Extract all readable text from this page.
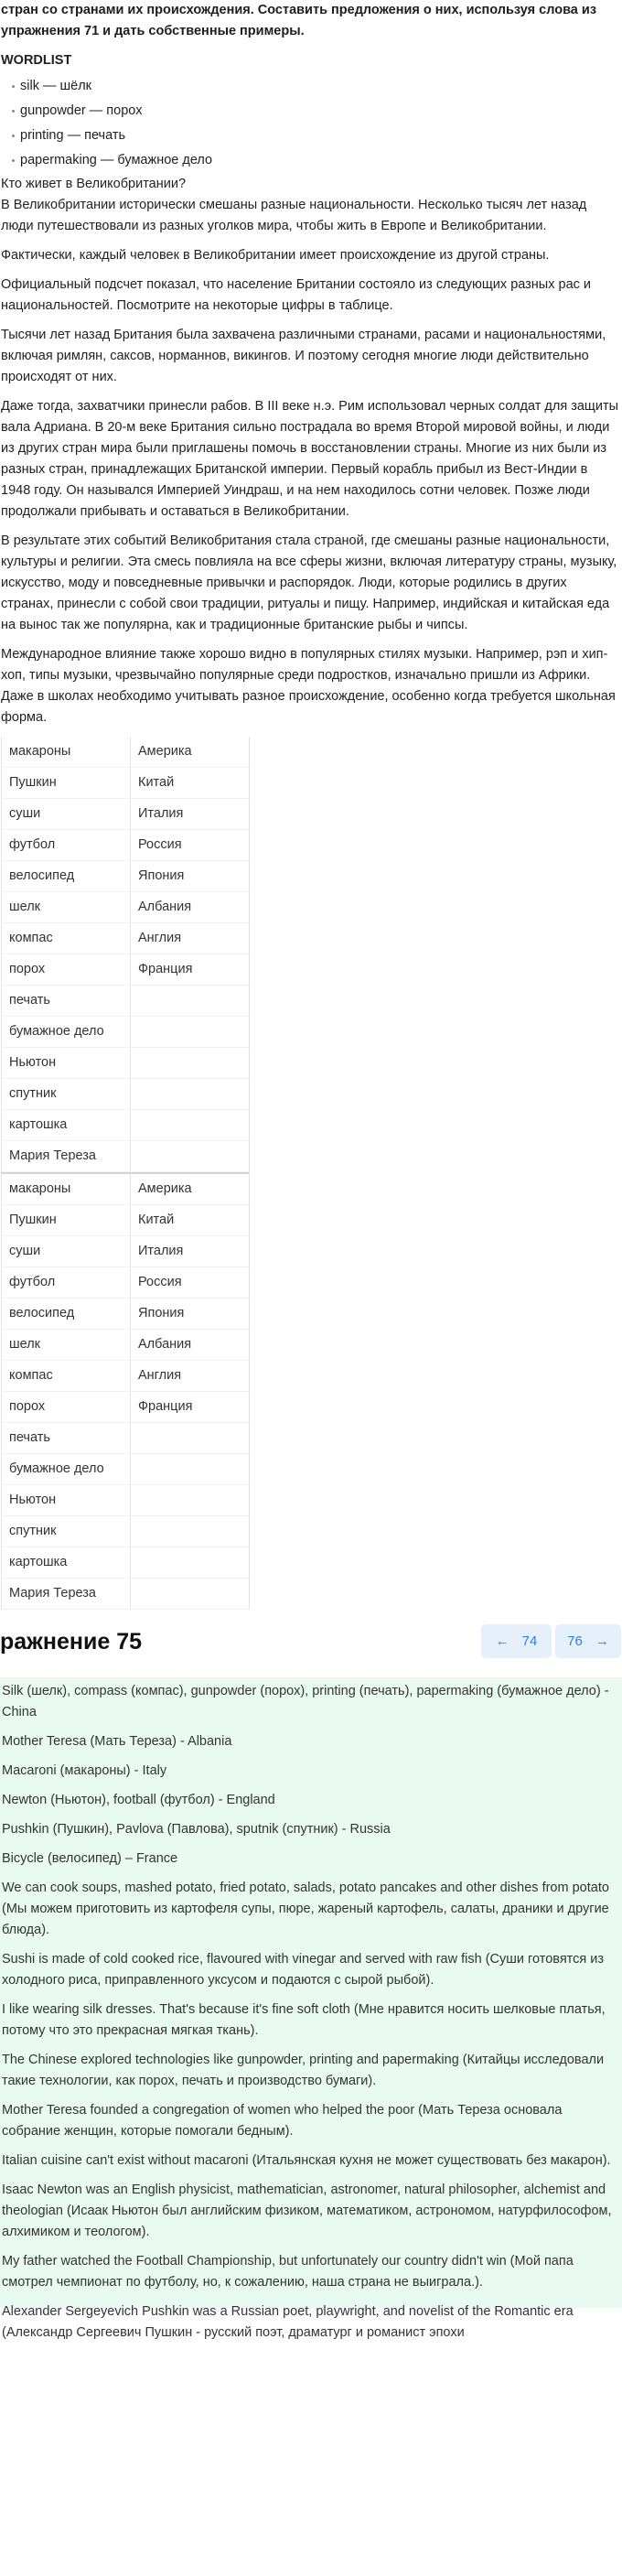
стран со странами их происхождения. Составить предложения о них, используя слова из упражнения 71 и дать собственные примеры.

WORDLIST
silk — шёлк
gunpowder — порох
printing — печать
papermaking — бумажное дело

Кто живет в Великобритании?
В Великобритании исторически смешаны разные национальности. Несколько тысяч лет назад люди путешествовали из разных уголков мира, чтобы жить в Европе и Великобритании.

Фактически, каждый человек в Великобритании имеет происхождение из другой страны.

Официальный подсчет показал, что население Британии состояло из следующих разных рас и национальностей. Посмотрите на некоторые цифры в таблице.

Тысячи лет назад Британия была захвачена различными странами, расами и национальностями, включая римлян, саксов, норманнов, викингов. И поэтому сегодня многие люди действительно происходят от них.

Даже тогда, захватчики принесли рабов. В III веке н.э. Рим использовал черных солдат для защиты вала Адриана. В 20-м веке Британия сильно пострадала во время Второй мировой войны, и люди из других стран мира были приглашены помочь в восстановлении страны. Многие из них были из разных стран, принадлежащих Британской империи. Первый корабль прибыл из Вест-Индии в 1948 году. Он назывался Империей Уиндраш, и на нем находилось сотни человек. Позже люди продолжали прибывать и оставаться в Великобритании.

В результате этих событий Великобритания стала страной, где смешаны разные национальности, культуры и религии. Эта смесь повлияла на все сферы жизни, включая литературу страны, музыку, искусство, моду и повседневные привычки и распорядок. Люди, которые родились в других странах, принесли с собой свои традиции, ритуалы и пищу. Например, индийская и китайская еда на вынос так же популярна, как и традиционные британские рыбы и чипсы.

Международное влияние также хорошо видно в популярных стилях музыки. Например, рэп и хип-хоп, типы музыки, чрезвычайно популярные среди подростков, изначально пришли из Африки. Даже в школах необходимо учитывать разное происхождение, особенно когда требуется школьная форма.

макароны	Америка
Пушкин	Китай
суши	Италия
футбол	Россия
велосипед	Япония
шелк	Албания
компас	Англия
порох	Франция
печать	
бумажное дело	
Ньютон	
спутник	
картошка	
Мария Тереза	
макароны	Америка
Пушкин	Китай
суши	Италия
футбол	Россия
велосипед	Япония
шелк	Албания
компас	Англия
порох	Франция
печать	
бумажное дело	
Ньютон	
спутник	
картошка	
Мария Тереза	
ражнение 75	← 74 76 →

Silk (шелк), compass (компас), gunpowder (порох), printing (печать), papermaking (бумажное дело) - China

Mother Teresa (Мать Тереза) - Albania

Macaroni (макароны) - Italy

Newton (Ньютон), football (футбол) - England

Pushkin (Пушкин), Pavlova (Павлова), sputnik (спутник) - Russia

Bicycle (велосипед) – France

We can cook soups, mashed potato, fried potato, salads, potato pancakes and other dishes from potato (Мы можем приготовить из картофеля супы, пюре, жареный картофель, салаты, драники и другие блюда).

Sushi is made of cold cooked rice, flavoured with vinegar and served with raw fish (Суши готовятся из холодного риса, приправленного уксусом и подаются с сырой рыбой).

I like wearing silk dresses. That's because it's fine soft cloth (Мне нравится носить шелковые платья, потому что это прекрасная мягкая ткань).

The Chinese explored technologies like gunpowder, printing and papermaking (Китайцы исследовали такие технологии, как порох, печать и производство бумаги).

Mother Teresa founded a congregation of women who helped the poor (Мать Тереза основала собрание женщин, которые помогали бедным).

Italian cuisine can't exist without macaroni (Итальянская кухня не может существовать без макарон).

Isaac Newton was an English physicist, mathematician, astronomer, natural philosopher, alchemist and theologian (Исаак Ньютон был английским физиком, математиком, астрономом, натурфилософом, алхимиком и теологом).

My father watched the Football Championship, but unfortunately our country didn't win (Мой папа смотрел чемпионат по футболу, но, к сожалению, наша страна не выиграла.).

Alexander Sergeyevich Pushkin was a Russian poet, playwright, and novelist of the Romantic era (Александр Сергеевич Пушкин - русский поэт, драматург и романист эпохи
